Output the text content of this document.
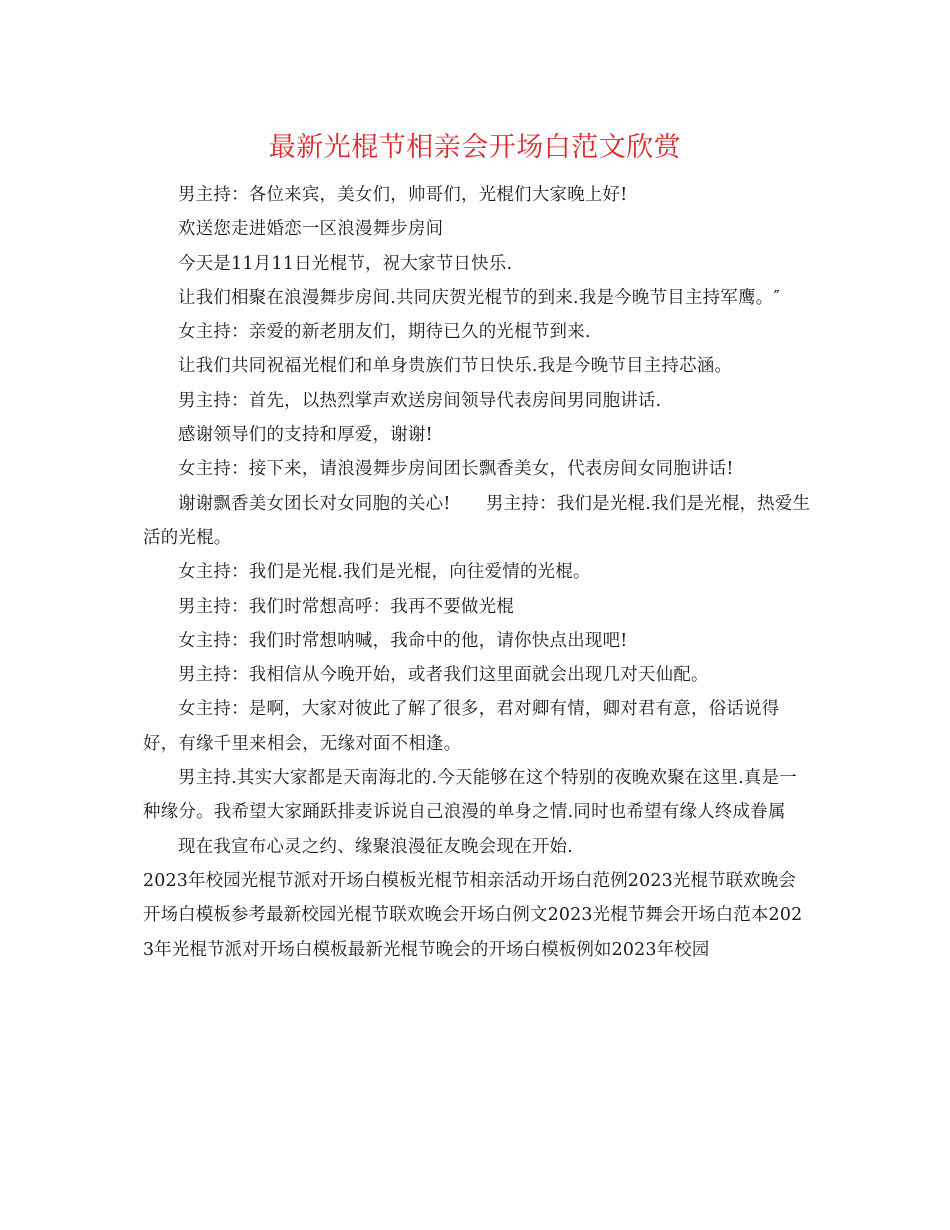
最新光棍节相亲会开场白范文欣赏

男主持：各位来宾，美女们，帅哥们，光棍们大家晚上好!

欢送您走进婚恋一区浪漫舞步房间

今天是11月11日光棍节，祝大家节日快乐.

让我们相聚在浪漫舞步房间.共同庆贺光棍节的到来.我是今晚节目主持军鹰。″

女主持：亲爱的新老朋友们，期待已久的光棍节到来.

让我们共同祝福光棍们和单身贵族们节日快乐.我是今晚节目主持芯涵。

男主持：首先，以热烈掌声欢送房间领导代表房间男同胞讲话.

感谢领导们的支持和厚爱，谢谢!

女主持：接下来，请浪漫舞步房间团长飘香美女，代表房间女同胞讲话!

谢谢飘香美女团长对女同胞的关心!　　男主持：我们是光棍.我们是光棍，热爱生活的光棍。

女主持：我们是光棍.我们是光棍，向往爱情的光棍。

男主持：我们时常想高呼：我再不要做光棍

女主持：我们时常想呐喊，我命中的他，请你快点出现吧!

男主持：我相信从今晚开始，或者我们这里面就会出现几对天仙配。

女主持：是啊，大家对彼此了解了很多，君对卿有情，卿对君有意，俗话说得好，有缘千里来相会，无缘对面不相逢。

男主持.其实大家都是天南海北的.今天能够在这个特别的夜晚欢聚在这里.真是一种缘分。我希望大家踊跃排麦诉说自己浪漫的单身之情.同时也希望有缘人终成眷属

现在我宣布心灵之约、缘聚浪漫征友晚会现在开始.

2023年校园光棍节派对开场白模板光棍节相亲活动开场白范例2023光棍节联欢晚会开场白模板参考最新校园光棍节联欢晚会开场白例文2023光棍节舞会开场白范本2023年光棍节派对开场白模板最新光棍节晚会的开场白模板例如2023年校园
